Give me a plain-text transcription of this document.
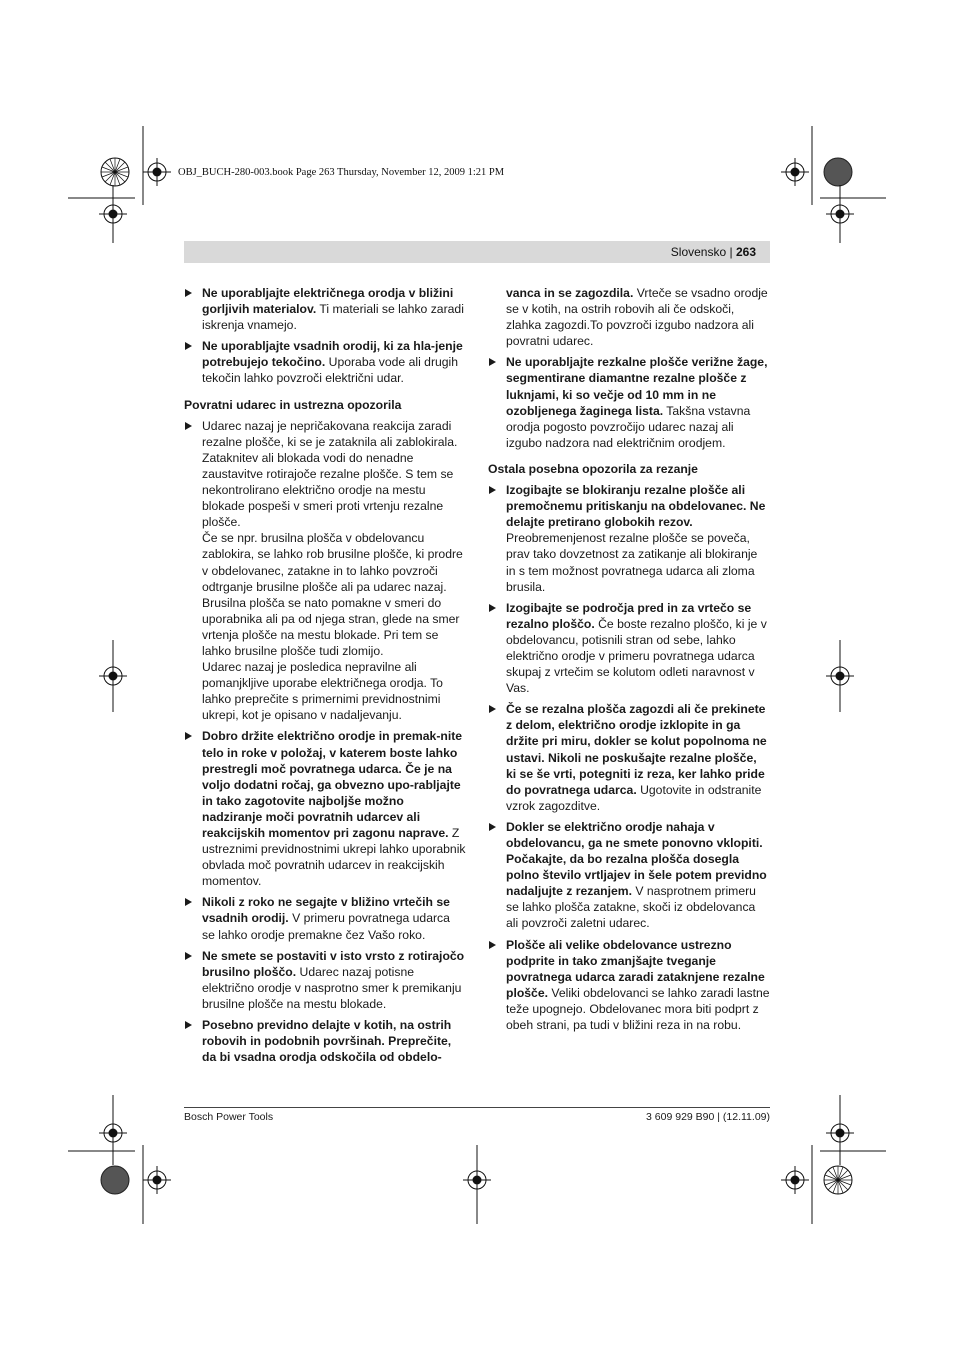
OBJ_BUCH-280-003.book Page 263 Thursday, November 12, 2009 1:21 PM
Slovensko | 263

Ne uporabljajte električnega orodja v bližini gorljivih materialov. Ti materiali se lahko zaradi iskrenja vnamejo.

Ne uporabljajte vsadnih orodij, ki za hla-jenje potrebujejo tekočino. Uporaba vode ali drugih tekočin lahko povzroči električni udar.

Povratni udarec in ustrezna opozorila

Udarec nazaj je nepričakovana reakcija zaradi rezalne plošče, ki se je zataknila ali zablokirala. Zataknitev ali blokada vodi do nenadne zaustavitve rotirajoče rezalne plošče. S tem se nekontrolirano električno orodje na mestu blokade pospeši v smeri proti vrtenju rezalne plošče.

Če se npr. brusilna plošča v obdelovancu zablokira, se lahko rob brusilne plošče, ki prodre v obdelovanec, zatakne in to lahko povzroči odtrganje brusilne plošče ali pa udarec nazaj. Brusilna plošča se nato pomakne v smeri do uporabnika ali pa od njega stran, glede na smer vrtenja plošče na mestu blokade. Pri tem se lahko brusilne plošče tudi zlomijo.

Udarec nazaj je posledica nepravilne ali pomanjkljive uporabe električnega orodja. To lahko preprečite s primernimi previdnostnimi ukrepi, kot je opisano v nadaljevanju.

Dobro držite električno orodje in premak-nite telo in roke v položaj, v katerem boste lahko prestregli moč povratnega udarca. Če je na voljo dodatni ročaj, ga obvezno upo-rabljajte in tako zagotovite najboljše možno nadziranje moči povratnih udarcev ali reakcijskih momentov pri zagonu naprave. Z ustreznimi previdnostnimi ukrepi lahko uporabnik obvlada moč povratnih udarcev in reakcijskih momentov.

Nikoli z roko ne segajte v bližino vrtečih se vsadnih orodij. V primeru povratnega udarca se lahko orodje premakne čez Vašo roko.

Ne smete se postaviti v isto vrsto z rotirajočo brusilno ploščo. Udarec nazaj potisne električno orodje v nasprotno smer k premikanju brusilne plošče na mestu blokade.

Posebno previdno delajte v kotih, na ostrih robovih in podobnih površinah. Preprečite, da bi vsadna orodja odskočila od obdelo-

vanca in se zagozdila. Vrteče se vsadno orodje se v kotih, na ostrih robovih ali če odskoči, zlahka zagozdi.To povzroči izgubo nadzora ali povratni udarec.

Ne uporabljajte rezkalne plošče verižne žage, segmentirane diamantne rezalne plošče z luknjami, ki so večje od 10 mm in ne ozobljenega žaginega lista. Takšna vstavna orodja pogosto povzročijo udarec nazaj ali izgubo nadzora nad električnim orodjem.

Ostala posebna opozorila za rezanje

Izogibajte se blokiranju rezalne plošče ali premočnemu pritiskanju na obdelovanec. Ne delajte pretirano globokih rezov. Preobremenjenost rezalne plošče se poveča, prav tako dovzetnost za zatikanje ali blokiranje in s tem možnost povratnega udarca ali zloma brusila.

Izogibajte se področja pred in za vrtečo se rezalno ploščo. Če boste rezalno ploščo, ki je v obdelovancu, potisnili stran od sebe, lahko električno orodje v primeru povratnega udarca skupaj z vrtečim se kolutom odleti naravnost v Vas.

Če se rezalna plošča zagozdi ali če prekinete z delom, električno orodje izklopite in ga držite pri miru, dokler se kolut popolnoma ne ustavi. Nikoli ne poskušajte rezalne plošče, ki se še vrti, potegniti iz reza, ker lahko pride do povratnega udarca. Ugotovite in odstranite vzrok zagozditve.

Dokler se električno orodje nahaja v obdelovancu, ga ne smete ponovno vklopiti. Počakajte, da bo rezalna plošča dosegla polno število vrtljajev in šele potem previdno nadaljujte z rezanjem. V nasprotnem primeru se lahko plošča zatakne, skoči iz obdelovanca ali povzroči zaletni udarec.

Plošče ali velike obdelovance ustrezno podprite in tako zmanjšajte tveganje povratnega udarca zaradi zataknjene rezalne plošče. Veliki obdelovanci se lahko zaradi lastne teže upognejo. Obdelovanec mora biti podprt z obeh strani, pa tudi v bližini reza in na robu.

Bosch Power Tools	3 609 929 B90 | (12.11.09)
